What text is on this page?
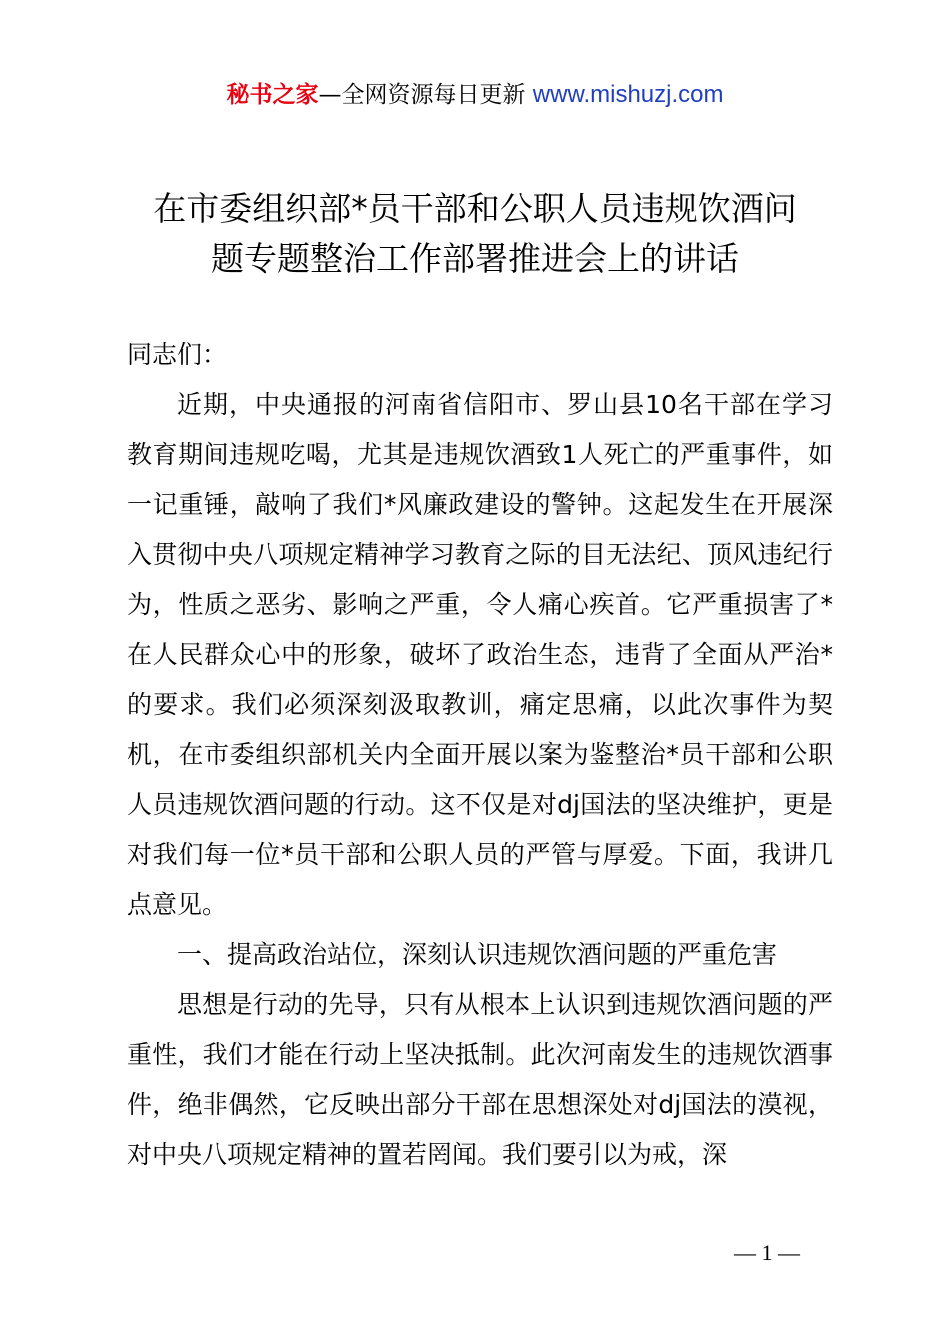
秘书之家—全网资源每日更新 www.mishuzj.com
在市委组织部*员干部和公职人员违规饮酒问
题专题整治工作部署推进会上的讲话

同志们：

近期，中央通报的河南省信阳市、罗山县10名干部在学习教育期间违规吃喝，尤其是违规饮酒致1人死亡的严重事件，如一记重锤，敲响了我们*风廉政建设的警钟。这起发生在开展深入贯彻中央八项规定精神学习教育之际的目无法纪、顶风违纪行为，性质之恶劣、影响之严重，令人痛心疾首。它严重损害了*在人民群众心中的形象，破坏了政治生态，违背了全面从严治*的要求。我们必须深刻汲取教训，痛定思痛，以此次事件为契机，在市委组织部机关内全面开展以案为鉴整治*员干部和公职人员违规饮酒问题的行动。这不仅是对dj国法的坚决维护，更是对我们每一位*员干部和公职人员的严管与厚爱。下面，我讲几点意见。

一、提高政治站位，深刻认识违规饮酒问题的严重危害

思想是行动的先导，只有从根本上认识到违规饮酒问题的严重性，我们才能在行动上坚决抵制。此次河南发生的违规饮酒事件，绝非偶然，它反映出部分干部在思想深处对dj国法的漠视，对中央八项规定精神的置若罔闻。我们要引以为戒，深

— 1 —
